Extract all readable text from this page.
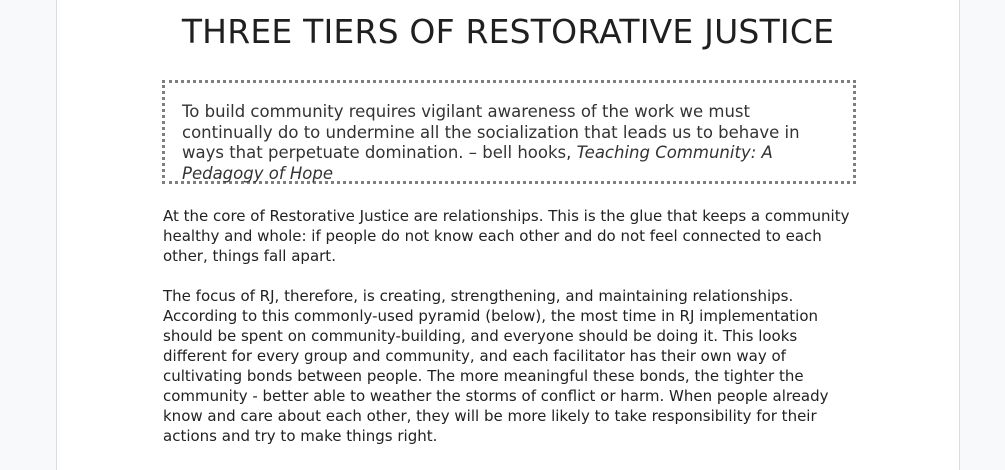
THREE TIERS OF RESTORATIVE JUSTICE
To build community requires vigilant awareness of the work we must continually do to undermine all the socialization that leads us to behave in ways that perpetuate domination. – bell hooks, Teaching Community: A Pedagogy of Hope

At the core of Restorative Justice are relationships. This is the glue that keeps a community healthy and whole: if people do not know each other and do not feel connected to each other, things fall apart.

The focus of RJ, therefore, is creating, strengthening, and maintaining relationships. According to this commonly-used pyramid (below), the most time in RJ implementation should be spent on community-building, and everyone should be doing it. This looks different for every group and community, and each facilitator has their own way of cultivating bonds between people. The more meaningful these bonds, the tighter the community - better able to weather the storms of conflict or harm. When people already know and care about each other, they will be more likely to take responsibility for their actions and try to make things right.
